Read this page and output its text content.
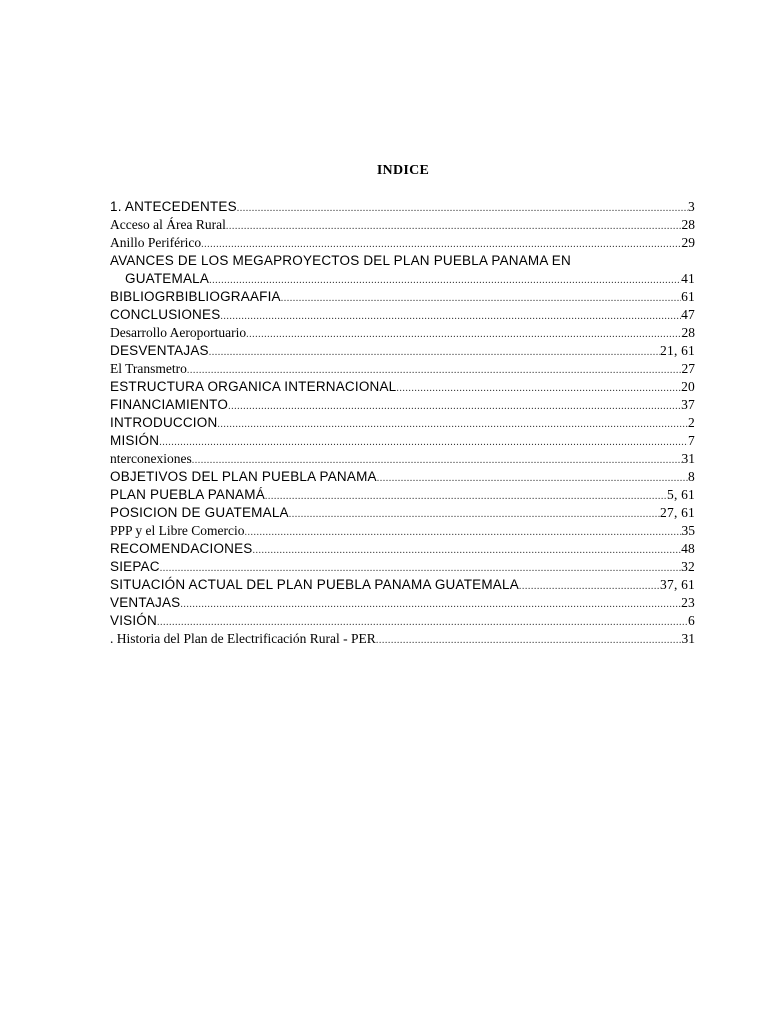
INDICE
1. ANTECEDENTES .....	3
Acceso al Área Rural .....	28
Anillo Periférico .....	29
AVANCES DE LOS MEGAPROYECTOS DEL PLAN PUEBLA PANAMA EN
GUATEMALA .....	41
BIBLIOGRBIBLIOGRAAFIA .....	61
CONCLUSIONES .....	47
Desarrollo Aeroportuario .....	28
DESVENTAJAS .....	21, 61
El Transmetro .....	27
ESTRUCTURA ORGANICA INTERNACIONAL .....	20
FINANCIAMIENTO .....	37
INTRODUCCION .....	2
MISIÓN .....	7
nterconexiones .....	31
OBJETIVOS DEL PLAN PUEBLA PANAMA .....	8
PLAN PUEBLA PANAMÁ .....	5, 61
POSICION DE GUATEMALA .....	27, 61
PPP y el Libre Comercio .....	35
RECOMENDACIONES .....	48
SIEPAC .....	32
SITUACIÓN ACTUAL DEL PLAN PUEBLA PANAMA GUATEMALA .....	37, 61
VENTAJAS .....	23
VISIÓN .....	6
. Historia del Plan de Electrificación Rural - PER .....	31
